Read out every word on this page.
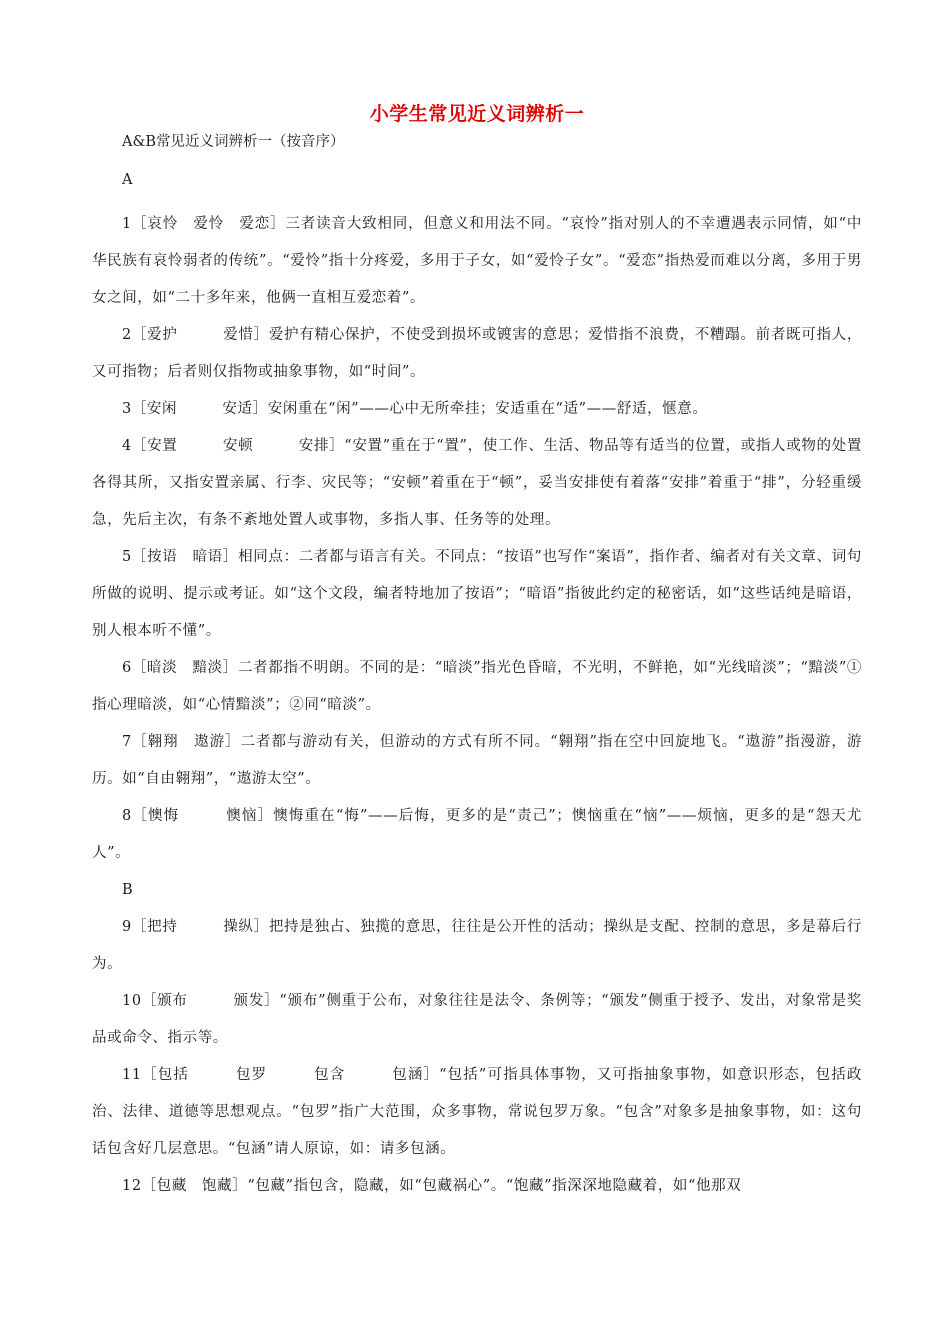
小学生常见近义词辨析一

A&B常见近义词辨析一（按音序）

A

1［哀怜　爱怜　爱恋］三者读音大致相同，但意义和用法不同。“哀怜”指对别人的不幸遭遇表示同情，如“中华民族有哀怜弱者的传统”。“爱怜”指十分疼爱，多用于子女，如“爱怜子女”。“爱恋”指热爱而难以分离，多用于男女之间，如“二十多年来，他俩一直相互爱恋着”。

2［爱护　　　爱惜］爱护有精心保护，不使受到损坏或镀害的意思；爱惜指不浪费，不糟蹋。前者既可指人，又可指物；后者则仅指物或抽象事物，如“时间”。

3［安闲　　　安适］安闲重在“闲”——心中无所牵挂；安适重在“适”——舒适，惬意。

4［安置　　　安顿　　　安排］“安置”重在于“置”，使工作、生活、物品等有适当的位置，或指人或物的处置各得其所，又指安置亲属、行李、灾民等；“安顿”着重在于“顿”，妥当安排使有着落“安排”着重于“排”，分轻重缓急，先后主次，有条不紊地处置人或事物，多指人事、任务等的处理。

5［按语　暗语］相同点：二者都与语言有关。不同点：“按语”也写作“案语”，指作者、编者对有关文章、词句所做的说明、提示或考证。如“这个文段，编者特地加了按语”；“暗语”指彼此约定的秘密话，如“这些话纯是暗语，别人根本听不懂”。

6［暗淡　黯淡］二者都指不明朗。不同的是：“暗淡”指光色昏暗，不光明，不鲜艳，如“光线暗淡”；“黯淡”①指心理暗淡，如“心情黯淡”；②同“暗淡”。

7［翱翔　遨游］二者都与游动有关，但游动的方式有所不同。“翱翔”指在空中回旋地飞。“遨游”指漫游，游历。如“自由翱翔”，“遨游太空”。

8［懊悔　　　懊恼］懊悔重在“悔”——后悔，更多的是“责己”；懊恼重在“恼”——烦恼，更多的是“怨天尤人”。

B

9［把持　　　操纵］把持是独占、独揽的意思，往往是公开性的活动；操纵是支配、控制的意思，多是幕后行为。

10［颁布　　　颁发］“颁布”侧重于公布，对象往往是法令、条例等；“颁发”侧重于授予、发出，对象常是奖品或命令、指示等。

11［包括　　　包罗　　　包含　　　包涵］“包括”可指具体事物，又可指抽象事物，如意识形态，包括政治、法律、道德等思想观点。“包罗”指广大范围，众多事物，常说包罗万象。“包含”对象多是抽象事物，如：这句话包含好几层意思。“包涵”请人原谅，如：请多包涵。

12［包藏　饱藏］“包藏”指包含，隐藏，如“包藏祸心”。“饱藏”指深深地隐藏着，如“他那双
